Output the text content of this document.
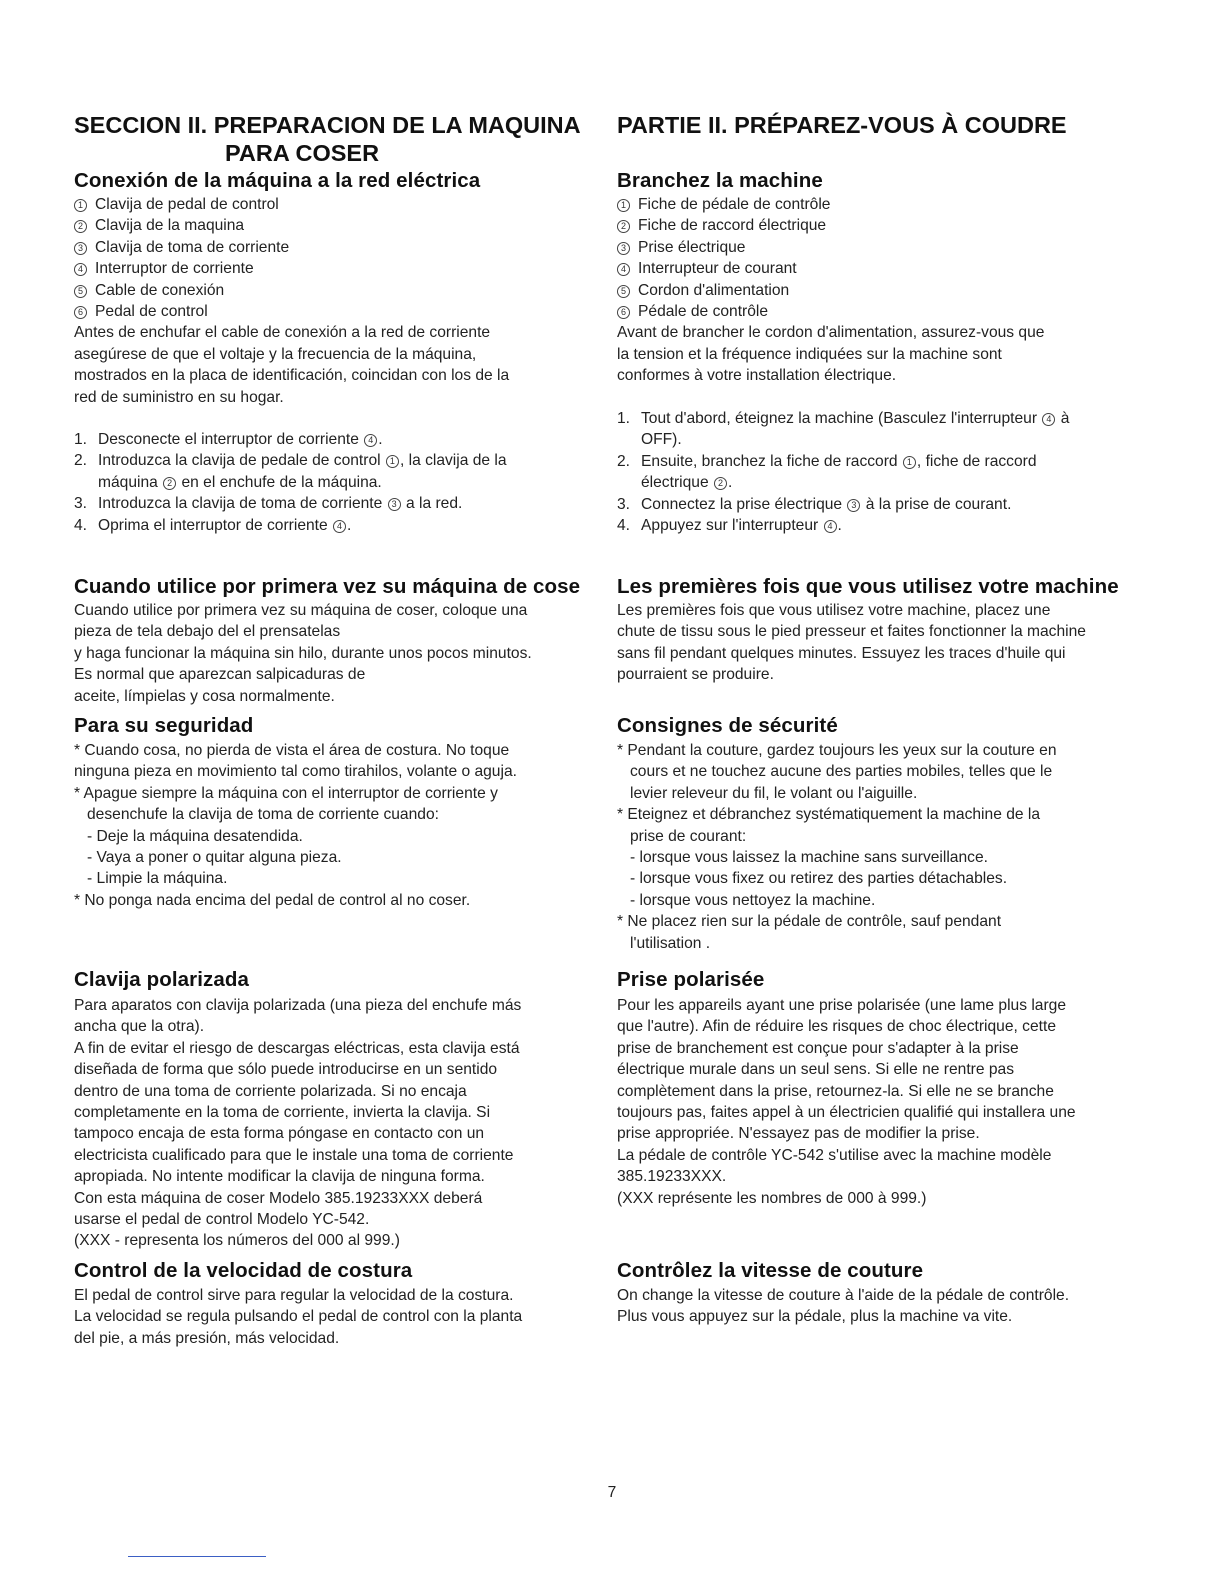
SECCION II. PREPARACION DE LA MAQUINA
PARA COSER
Conexión de la máquina a la red eléctrica
1 Clavija de pedal de control
2 Clavija de la maquina
3 Clavija de toma de corriente
4 Interruptor de corriente
5 Cable de conexión
6 Pedal de control
Antes de enchufar el cable de conexión a la red de corriente
asegúrese de que el voltaje y la frecuencia de la máquina,
mostrados en la placa de identificación, coincidan con los de la
red de suministro en su hogar.
1. Desconecte el interruptor de corriente 4 .
2. Introduzca la clavija de pedale de control 1 , la clavija de la
máquina 2 en el enchufe de la máquina.
3. Introduzca la clavija de toma de corriente 3 a la red.
4. Oprima el interruptor de corriente 4 .
Cuando utilice por primera vez su máquina de cose
Cuando utilice por primera vez su máquina de coser, coloque una
pieza de tela debajo del el prensatelas
y haga funcionar la máquina sin hilo, durante unos pocos minutos.
Es normal que aparezcan salpicaduras de
aceite, límpielas y cosa normalmente.
Para su seguridad
* Cuando cosa, no pierda de vista el área de costura. No toque
ninguna pieza en movimiento tal como tirahilos, volante o aguja.
* Apague siempre la máquina con el interruptor de corriente y
desenchufe la clavija de toma de corriente cuando:
- Deje la máquina desatendida.
- Vaya a poner o quitar alguna pieza.
- Limpie la máquina.
* No ponga nada encima del pedal de control al no coser.
Clavija polarizada
Para aparatos con clavija polarizada (una pieza del enchufe más
ancha que la otra).
A fin de evitar el riesgo de descargas eléctricas, esta clavija está
diseñada de forma que sólo puede introducirse en un sentido
dentro de una toma de corriente polarizada. Si no encaja
completamente en la toma de corriente, invierta la clavija. Si
tampoco encaja de esta forma póngase en contacto con un
electricista cualificado para que le instale una toma de corriente
apropiada. No intente modificar la clavija de ninguna forma.
Con esta máquina de coser Modelo 385.19233XXX deberá
usarse el pedal de control Modelo YC-542.
(XXX - representa los números del 000 al 999.)
Control de la velocidad de costura
El pedal de control sirve para regular la velocidad de la costura.
La velocidad se regula pulsando el pedal de control con la planta
del pie, a más presión, más velocidad.
PARTIE II. PRÉPAREZ-VOUS À COUDRE
Branchez la machine
1 Fiche de pédale de contrôle
2 Fiche de raccord électrique
3 Prise électrique
4 Interrupteur de courant
5 Cordon d'alimentation
6 Pédale de contrôle
Avant de brancher le cordon d'alimentation, assurez-vous que
la tension et la fréquence indiquées sur la machine sont
conformes à votre installation électrique.
1. Tout d'abord, éteignez la machine (Basculez l'interrupteur 4 à
OFF).
2. Ensuite, branchez la fiche de raccord 1 , fiche de raccord
électrique 2 .
3. Connectez la prise électrique 3 à la prise de courant.
4. Appuyez sur l'interrupteur 4 .
Les premières fois que vous utilisez votre machine
Les premières fois que vous utilisez votre machine, placez une
chute de tissu sous le pied presseur et faites fonctionner la machine
sans fil pendant quelques minutes. Essuyez les traces d'huile qui
pourraient se produire.
Consignes de sécurité
* Pendant la couture, gardez toujours les yeux sur la couture en
cours et ne touchez aucune des parties mobiles, telles que le
levier releveur du fil, le volant ou l'aiguille.
* Eteignez et débranchez systématiquement la machine de la
prise de courant:
- lorsque vous laissez la machine sans surveillance.
- lorsque vous fixez ou retirez des parties détachables.
- lorsque vous nettoyez la machine.
* Ne placez rien sur la pédale de contrôle, sauf pendant
l'utilisation .
Prise polarisée
Pour les appareils ayant une prise polarisée (une lame plus large
que l'autre). Afin de réduire les risques de choc électrique, cette
prise de branchement est conçue pour s'adapter à la prise
électrique murale dans un seul sens. Si elle ne rentre pas
complètement dans la prise, retournez-la. Si elle ne se branche
toujours pas, faites appel à un électricien qualifié qui installera une
prise appropriée. N'essayez pas de modifier la prise.
La pédale de contrôle YC-542 s'utilise avec la machine modèle
385.19233XXX.
(XXX représente les nombres de 000 à 999.)
Contrôlez la vitesse de couture
On change la vitesse de couture à l'aide de la pédale de contrôle.
Plus vous appuyez sur la pédale, plus la machine va vite.
7
